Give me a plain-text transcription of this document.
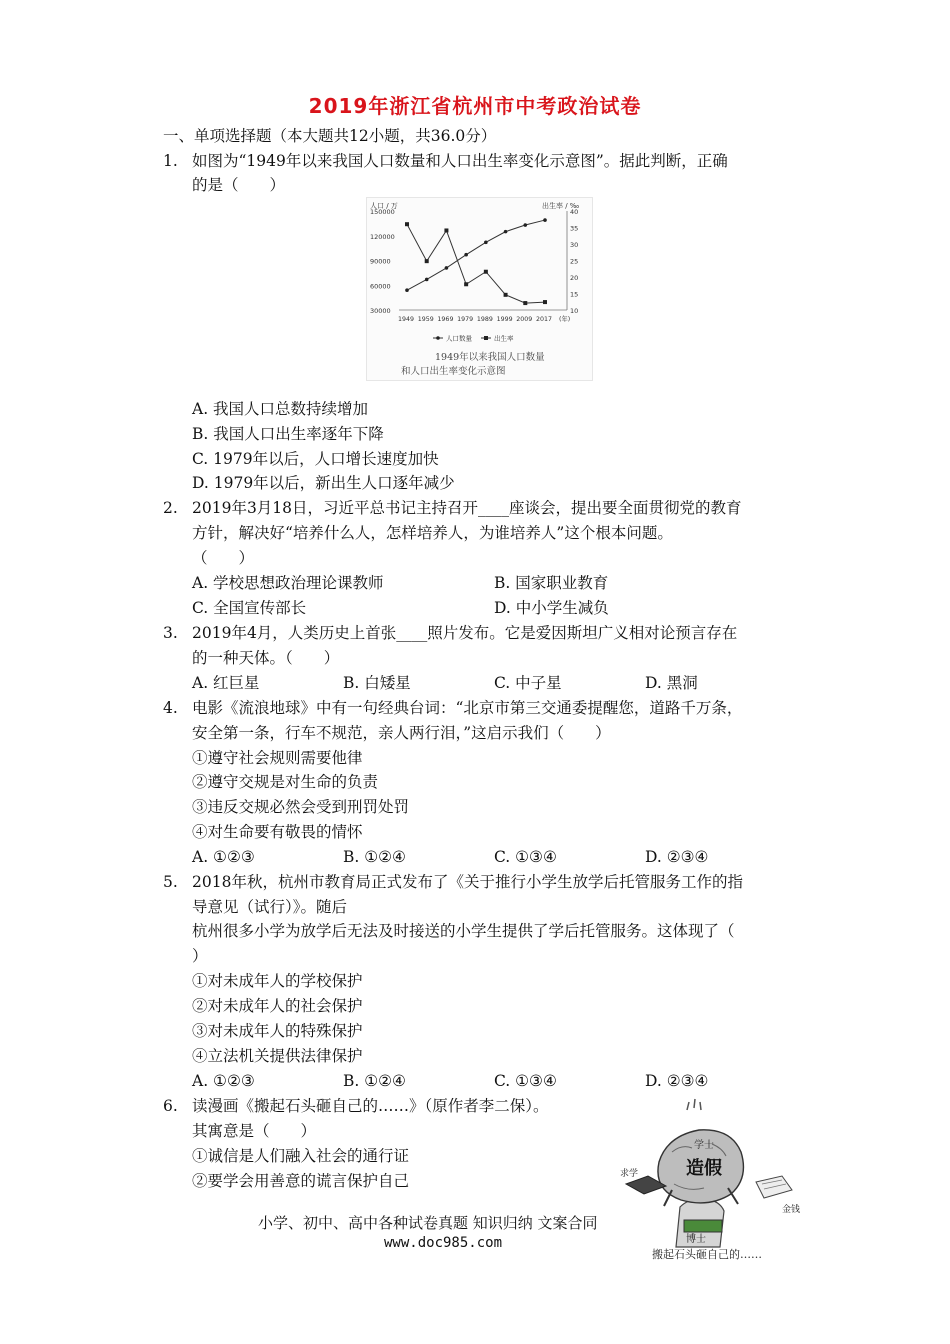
2019年浙江省杭州市中考政治试卷
一、单项选择题（本大题共12小题，共36.0分）
1. 如图为“1949年以来我国人口数量和人口出生率变化示意图”。据此判断，正确
的是（　　）
人口 / 万	出生率 / ‰
150000
120000
90000
60000
30000
40
35
30
25
20
15
10
1949 1959 1969 1979 1989 1999 2009 2017 (年)
人口数量	出生率
1949年以来我国人口数量
和人口出生率变化示意图
A. 我国人口总数持续增加
B. 我国人口出生率逐年下降
C. 1979年以后，人口增长速度加快
D. 1979年以后，新出生人口逐年减少
2. 2019年3月18日，习近平总书记主持召开____座谈会，提出要全面贯彻党的教育
方针，解决好“培养什么人，怎样培养人，为谁培养人”这个根本问题。
（　　）
A. 学校思想政治理论课教师	B. 国家职业教育
C. 全国宣传部长	D. 中小学生减负
3. 2019年4月，人类历史上首张____照片发布。它是爱因斯坦广义相对论预言存在
的一种天体。（　　）
A. 红巨星	B. 白矮星	C. 中子星	D. 黑洞
4. 电影《流浪地球》中有一句经典台词：“北京市第三交通委提醒您，道路千万条，
安全第一条，行车不规范，亲人两行泪，”这启示我们（　　）
①遵守社会规则需要他律
②遵守交规是对生命的负责
③违反交规必然会受到刑罚处罚
④对生命要有敬畏的情怀
A. ①②③	B. ①②④	C. ①③④	D. ②③④
5. 2018年秋，杭州市教育局正式发布了《关于推行小学生放学后托管服务工作的指
导意见（试行）》。随后
杭州很多小学为放学后无法及时接送的小学生提供了学后托管服务。这体现了（
）
①对未成年人的学校保护
②对未成年人的社会保护
③对未成年人的特殊保护
④立法机关提供法律保护
A. ①②③	B. ①②④	C. ①③④	D. ②③④
6. 读漫画《搬起石头砸自己的……》（原作者李二保）。
其寓意是（　　）
①诚信是人们融入社会的通行证
②要学会用善意的谎言保护自己
学士
造假
求学
金钱
博士
搬起石头砸自己的……
小学、初中、高中各种试卷真题 知识归纳 文案合同
www.doc985.com
